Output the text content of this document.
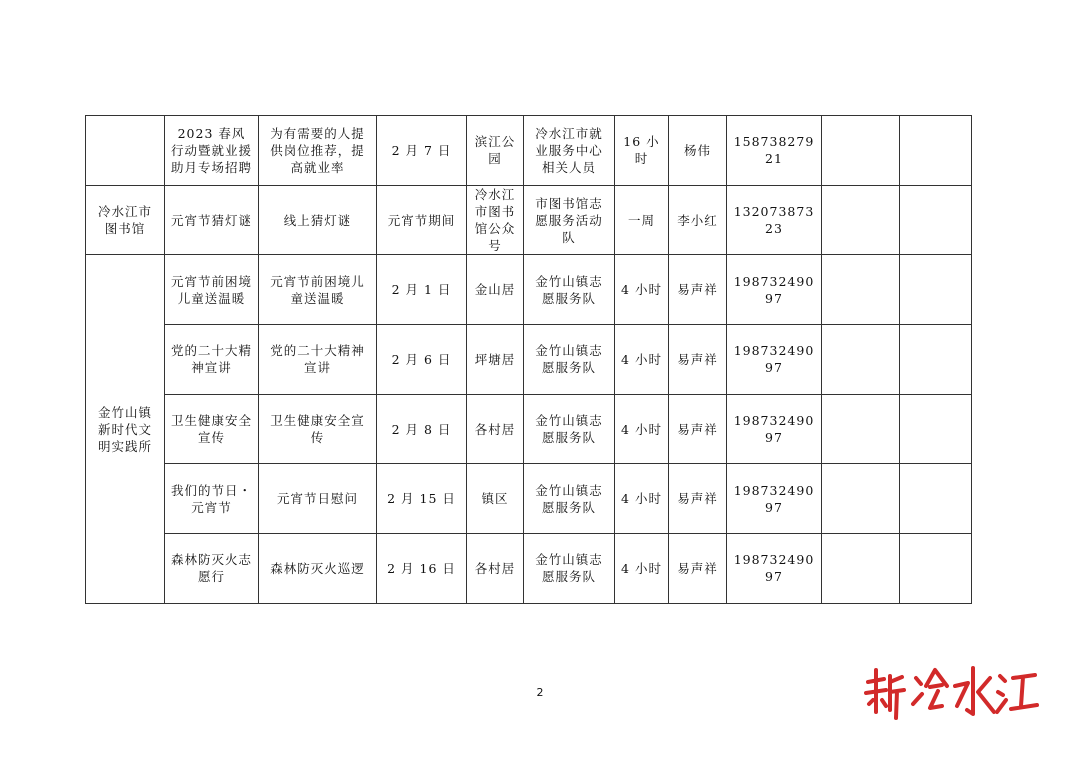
	2023 春风行动暨就业援助月专场招聘	为有需要的人提供岗位推荐，提高就业率	2 月 7 日	滨江公园	冷水江市就业服务中心相关人员	16 小时	杨伟	15873827921		
冷水江市图书馆	元宵节猜灯谜	线上猜灯谜	元宵节期间	冷水江市图书馆公众号	市图书馆志愿服务活动队	一周	李小红	13207387323		
金竹山镇新时代文明实践所	元宵节前困境儿童送温暖	元宵节前困境儿童送温暖	2 月 1 日	金山居	金竹山镇志愿服务队	4 小时	易声祥	19873249097		
	党的二十大精神宣讲	党的二十大精神宣讲	2 月 6 日	坪塘居	金竹山镇志愿服务队	4 小时	易声祥	19873249097		
	卫生健康安全宣传	卫生健康安全宣传	2 月 8 日	各村居	金竹山镇志愿服务队	4 小时	易声祥	19873249097		
	我们的节日・元宵节	元宵节日慰问	2 月 15 日	镇区	金竹山镇志愿服务队	4 小时	易声祥	19873249097		
	森林防灭火志愿行	森林防灭火巡逻	2 月 16 日	各村居	金竹山镇志愿服务队	4 小时	易声祥	19873249097		
2
